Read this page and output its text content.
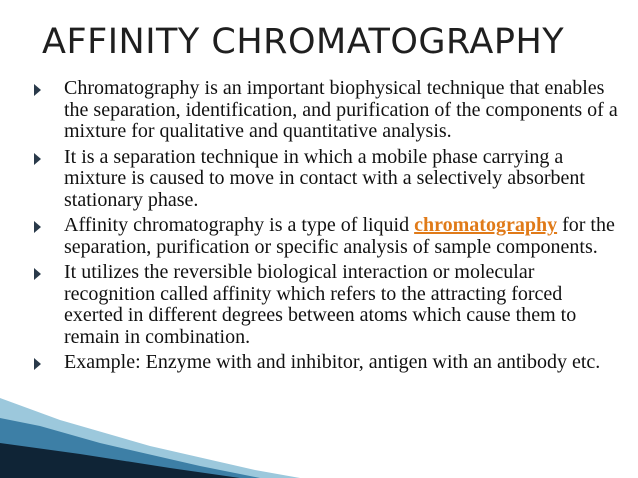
AFFINITY CHROMATOGRAPHY
Chromatography is an important biophysical technique that enables the separation, identification, and purification of the components of a mixture for qualitative and quantitative analysis.
It is a separation technique in which a mobile phase carrying a mixture is caused to move in contact with a selectively absorbent stationary phase.
Affinity chromatography is a type of liquid chromatography for the separation, purification or specific analysis of sample components.
It utilizes the reversible biological interaction or molecular recognition called affinity which refers to the attracting forced exerted in different degrees between atoms which cause them to remain in combination.
Example: Enzyme with and inhibitor, antigen with an antibody etc.
